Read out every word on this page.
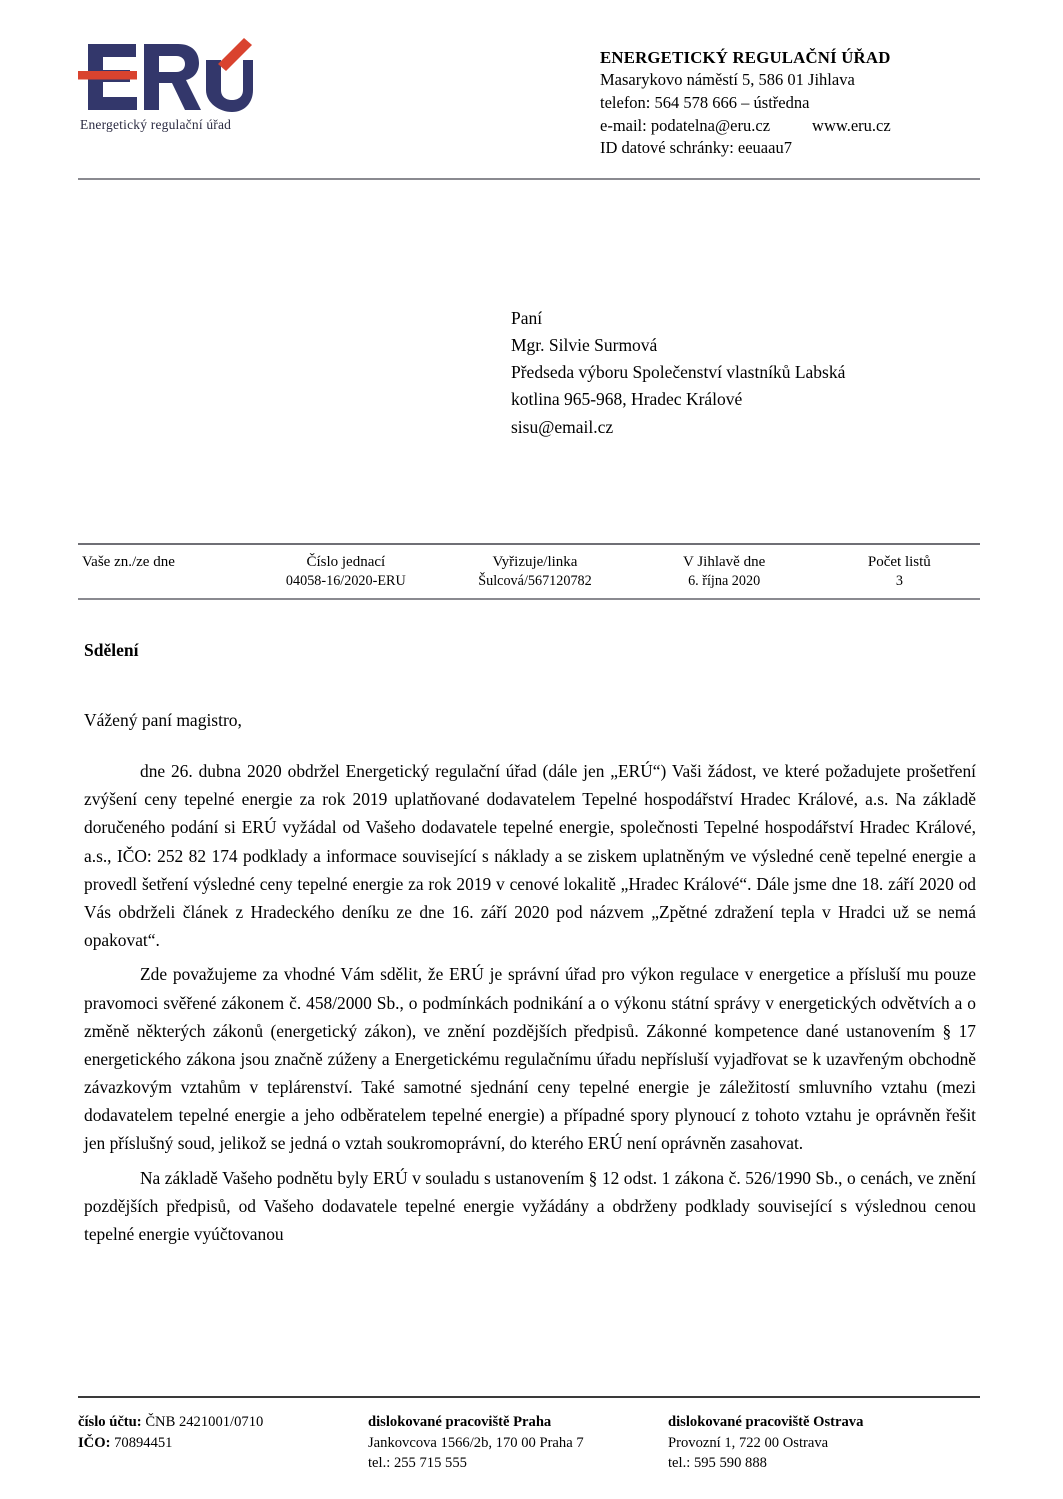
Energetický regulační úřad
ENERGETICKÝ REGULAČNÍ ÚŘAD
Masarykovo náměstí 5, 586 01 Jihlava
telefon: 564 578 666 – ústředna
e-mail: podatelna@eru.cz	www.eru.cz
ID datové schránky: eeuaau7
Paní
Mgr. Silvie Surmová
Předseda výboru Společenství vlastníků Labská
kotlina 965-968, Hradec Králové
sisu@email.cz
Vaše zn./ze dne	Číslo jednací
04058-16/2020-ERU
Vyřizuje/linka
Šulcová/567120782
V Jihlavě dne
6. října 2020
Počet listů
3
Sdělení
Vážený paní magistro,

dne 26. dubna 2020 obdržel Energetický regulační úřad (dále jen „ERÚ“) Vaši žádost, ve které požadujete prošetření zvýšení ceny tepelné energie za rok 2019 uplatňované dodavatelem Tepelné hospodářství Hradec Králové, a.s. Na základě doručeného podání si ERÚ vyžádal od Vašeho dodavatele tepelné energie, společnosti Tepelné hospodářství Hradec Králové, a.s., IČO: 252 82 174 podklady a informace související s náklady a se ziskem uplatněným ve výsledné ceně tepelné energie a provedl šetření výsledné ceny tepelné energie za rok 2019 v cenové lokalitě „Hradec Králové“. Dále jsme dne 18. září 2020 od Vás obdrželi článek z Hradeckého deníku ze dne 16. září 2020 pod názvem „Zpětné zdražení tepla v Hradci už se nemá opakovat“.

Zde považujeme za vhodné Vám sdělit, že ERÚ je správní úřad pro výkon regulace v energetice a přísluší mu pouze pravomoci svěřené zákonem č. 458/2000 Sb., o podmínkách podnikání a o výkonu státní správy v energetických odvětvích a o změně některých zákonů (energetický zákon), ve znění pozdějších předpisů. Zákonné kompetence dané ustanovením § 17 energetického zákona jsou značně zúženy a Energetickému regulačnímu úřadu nepřísluší vyjadřovat se k uzavřeným obchodně závazkovým vztahům v teplárenství. Také samotné sjednání ceny tepelné energie je záležitostí smluvního vztahu (mezi dodavatelem tepelné energie a jeho odběratelem tepelné energie) a případné spory plynoucí z tohoto vztahu je oprávněn řešit jen příslušný soud, jelikož se jedná o vztah soukromoprávní, do kterého ERÚ není oprávněn zasahovat.

Na základě Vašeho podnětu byly ERÚ v souladu s ustanovením § 12 odst. 1 zákona č. 526/1990 Sb., o cenách, ve znění pozdějších předpisů, od Vašeho dodavatele tepelné energie vyžádány a obdrženy podklady související s výslednou cenou tepelné energie vyúčtovanou

číslo účtu: ČNB 2421001/0710
IČO: 70894451
dislokované pracoviště Praha
Jankovcova 1566/2b, 170 00 Praha 7
tel.: 255 715 555
dislokované pracoviště Ostrava
Provozní 1, 722 00 Ostrava
tel.: 595 590 888
